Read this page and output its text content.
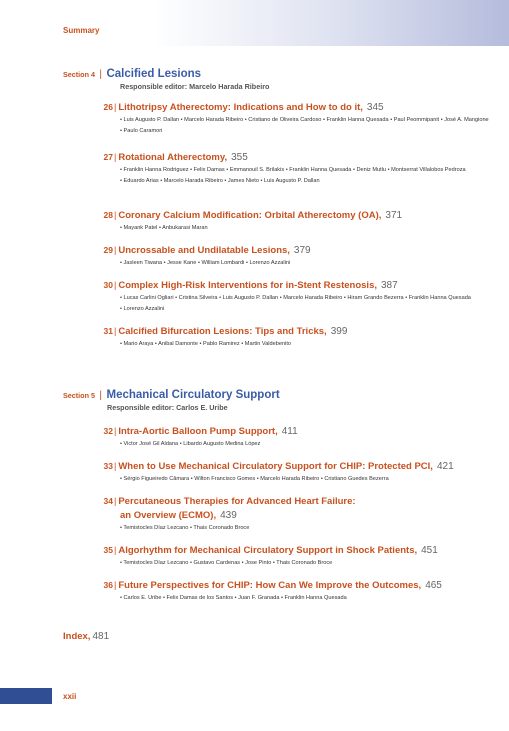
Summary
Section 4 | Calcified Lesions
Responsible editor: Marcelo Harada Ribeiro
26| Lithotripsy Atherectomy: Indications and How to do it, 345
• Luis Augusto P. Dallan • Marcelo Harada Ribeiro • Cristiano de Oliveira Cardoso • Franklin Hanna Quesada • Paul Peommipanit • José A. Mangione • Paulo Caramori
27| Rotational Atherectomy, 355
• Franklin Hanna Rodriguez • Felix Damas • Emmanouil S. Brilakis • Franklin Hanna Quesada • Deniz Mutlu • Montserrat Villalobos Pedroza • Eduardo Arias • Marcelo Harada Ribeiro • James Nieto • Luis Augusto P. Dallan
28| Coronary Calcium Modification: Orbital Atherectomy (OA), 371
• Mayank Patel • Anbukarasi Maran
29| Uncrossable and Undilatable Lesions, 379
• Jasleen Tiwana • Jesse Kane • William Lombardi • Lorenzo Azzalini
30| Complex High-Risk Interventions for in-Stent Restenosis, 387
• Lucas Carlini Ogliari • Cristina Silveira • Luis Augusto P. Dallan • Marcelo Harada Ribeiro • Hiram Grando Bezerra • Franklin Hanna Quesada • Lorenzo Azzalini
31| Calcified Bifurcation Lesions: Tips and Tricks, 399
• Mario Araya • Anibal Damonte • Pablo Ramirez • Martin Valdebenito
Section 5 | Mechanical Circulatory Support
Responsible editor: Carlos E. Uribe
32| Intra-Aortic Balloon Pump Support, 411
• Victor José Gil Aldana • Libardo Augusto Medina López
33| When to Use Mechanical Circulatory Support for CHIP: Protected PCI, 421
• Sérgio Figueiredo Câmara • Wilton Francisco Gomes • Marcelo Harada Ribeiro • Cristiano Guedes Bezerra
34| Percutaneous Therapies for Advanced Heart Failure:
an Overview (ECMO), 439
• Temistocles Díaz Lezcano • Thais Coronado Broce
35| Algorhythm for Mechanical Circulatory Support in Shock Patients, 451
• Temistocles Díaz Lezcano • Gustavo Cardenas • Jose Pinto • Thais Coronado Broce
36| Future Perspectives for CHIP: How Can We Improve the Outcomes, 465
• Carlos E. Uribe • Felix Damas de los Santos • Juan F. Granada • Franklin Hanna Quesada
Index, 481
xxii
